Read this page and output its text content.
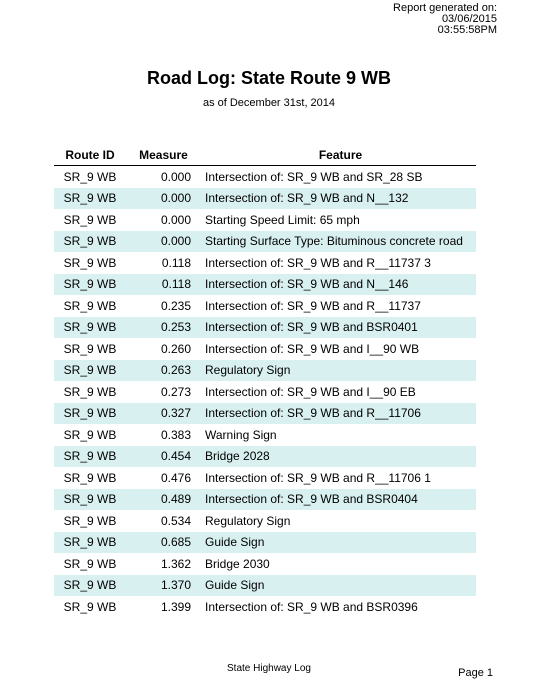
Report generated on:
03/06/2015
03:55:58PM
Road Log: State Route 9 WB
as of December 31st, 2014
Route ID	Measure	Feature
SR_9 WB	0.000	Intersection of: SR_9 WB and SR_28 SB
SR_9 WB	0.000	Intersection of: SR_9 WB and N__132
SR_9 WB	0.000	Starting Speed Limit: 65 mph
SR_9 WB	0.000	Starting Surface Type: Bituminous concrete road
SR_9 WB	0.118	Intersection of: SR_9 WB and R__11737 3
SR_9 WB	0.118	Intersection of: SR_9 WB and N__146
SR_9 WB	0.235	Intersection of: SR_9 WB and R__11737
SR_9 WB	0.253	Intersection of: SR_9 WB and BSR0401
SR_9 WB	0.260	Intersection of: SR_9 WB and I__90 WB
SR_9 WB	0.263	Regulatory Sign
SR_9 WB	0.273	Intersection of: SR_9 WB and I__90 EB
SR_9 WB	0.327	Intersection of: SR_9 WB and R__11706
SR_9 WB	0.383	Warning Sign
SR_9 WB	0.454	Bridge 2028
SR_9 WB	0.476	Intersection of: SR_9 WB and R__11706 1
SR_9 WB	0.489	Intersection of: SR_9 WB and BSR0404
SR_9 WB	0.534	Regulatory Sign
SR_9 WB	0.685	Guide Sign
SR_9 WB	1.362	Bridge 2030
SR_9 WB	1.370	Guide Sign
SR_9 WB	1.399	Intersection of: SR_9 WB and BSR0396
State Highway Log	Page 1
